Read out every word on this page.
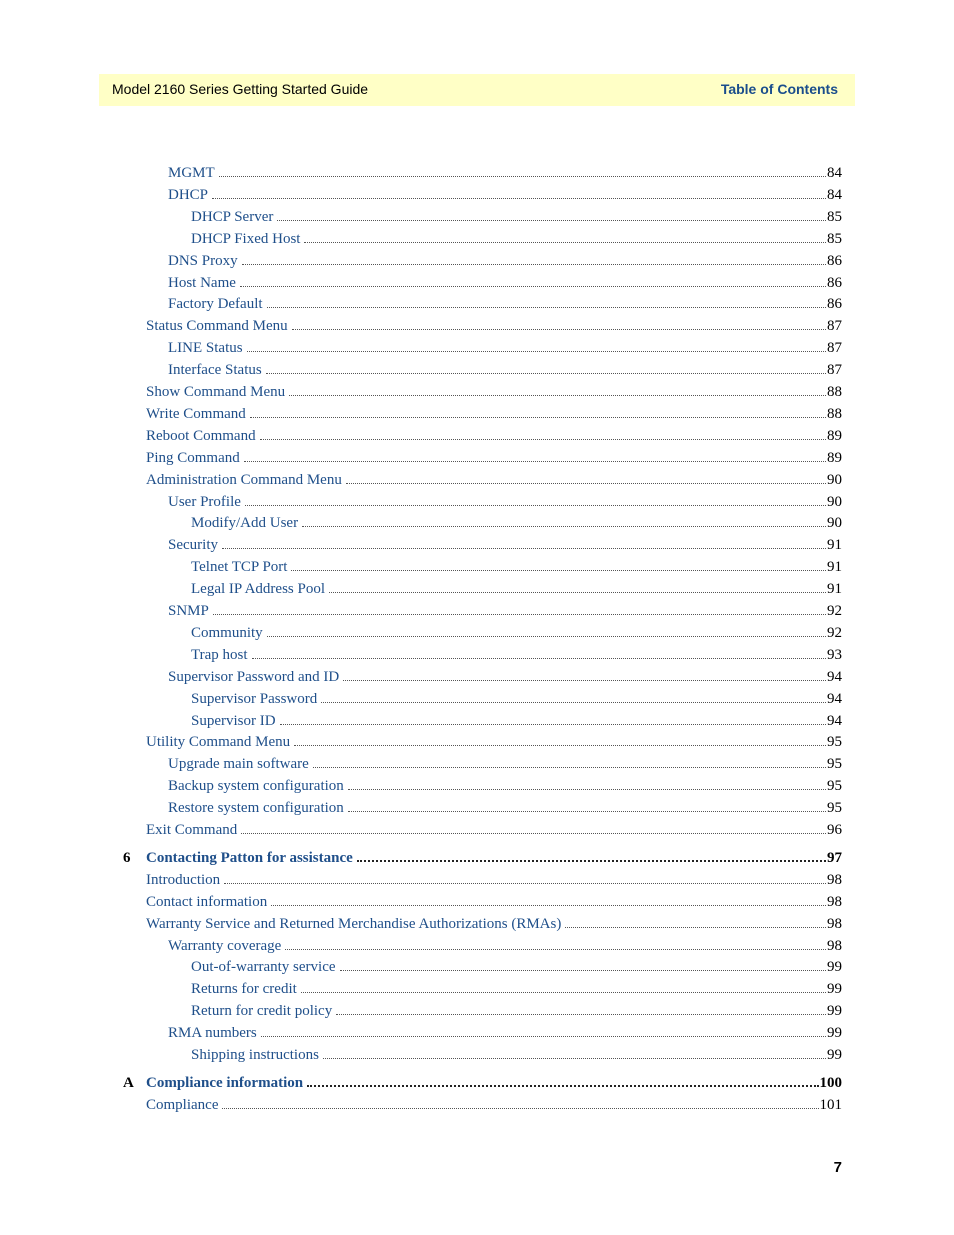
Model 2160 Series Getting Started Guide	Table of Contents
MGMT	84
DHCP	84
DHCP Server	85
DHCP Fixed Host	85
DNS Proxy	86
Host Name	86
Factory Default	86
Status Command Menu	87
LINE Status	87
Interface Status	87
Show Command Menu	88
Write Command	88
Reboot Command	89
Ping Command	89
Administration Command Menu	90
User Profile	90
Modify/Add User	90
Security	91
Telnet TCP Port	91
Legal IP Address Pool	91
SNMP	92
Community	92
Trap host	93
Supervisor Password and ID	94
Supervisor Password	94
Supervisor ID	94
Utility Command Menu	95
Upgrade main software	95
Backup system configuration	95
Restore system configuration	95
Exit Command	96
6 Contacting Patton for assistance	97
Introduction	98
Contact information	98
Warranty Service and Returned Merchandise Authorizations (RMAs)	98
Warranty coverage	98
Out-of-warranty service	99
Returns for credit	99
Return for credit policy	99
RMA numbers	99
Shipping instructions	99
A Compliance information	100
Compliance	101
7
